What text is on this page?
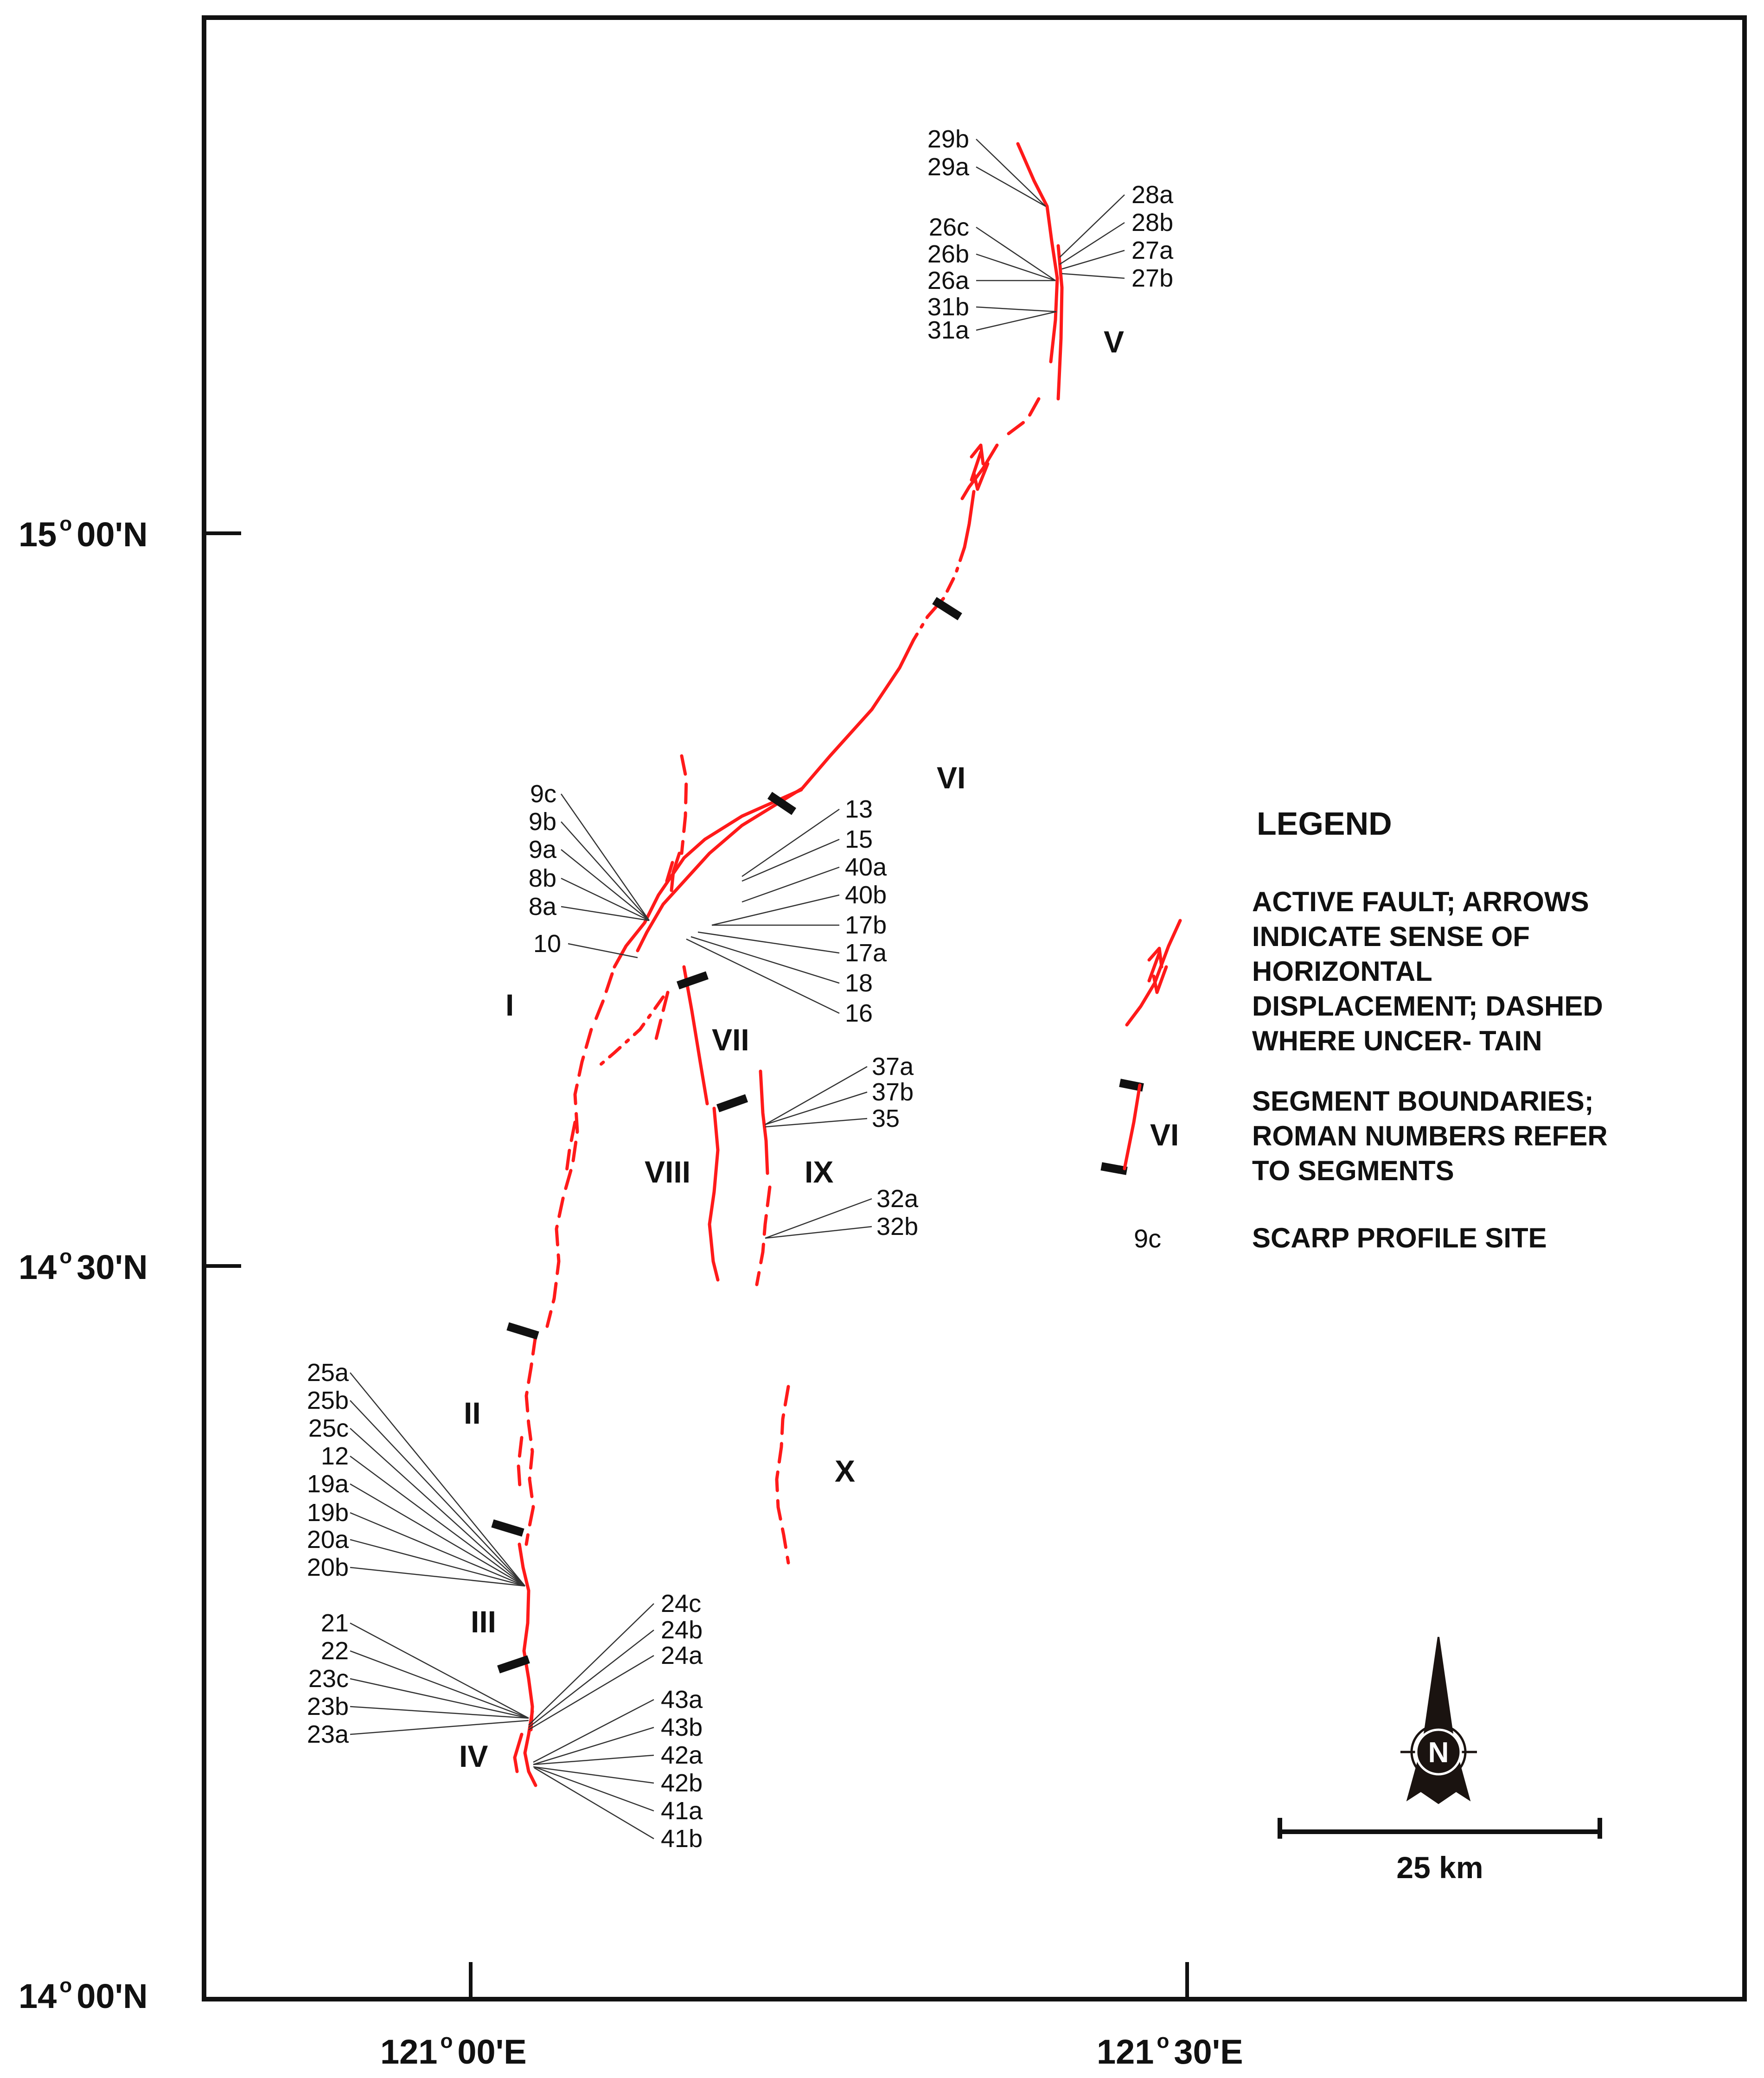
15 o 00'N
14 o 30'N
14 o 00'N
121 o 00'E	121 o 30'E
29b
29a
26c
26b
26a
31b
31a
28a
28b
27a
27b
9c
9b
9a
8b
8a
10
13
15
40a
40b
17b
17a
18
16
37a
37b
35
32a
32b
25a
25b
25c
12
19a
19b
20a
20b
21
22
23c
23b
23a
24c
24b
24a
43a
43b
42a
42b
41a
41b
I
II
III
IV
V
VI
VII
VIII	IX
X
LEGEND
ACTIVE FAULT; ARROWS INDICATE SENSE OF HORIZONTAL DISPLACEMENT; DASHED WHERE UNCER- TAIN
VI
SEGMENT BOUNDARIES; ROMAN NUMBERS REFER TO SEGMENTS
9c	SCARP PROFILE SITE
N
25 km
